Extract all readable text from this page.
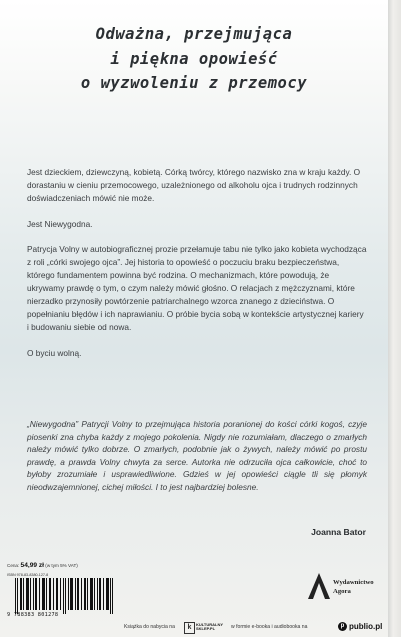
Odważna, przejmująca
i piękna opowieść
o wyzwoleniu z przemocy

Jest dzieckiem, dziewczyną, kobietą. Córką twórcy, którego nazwisko zna w kraju każdy. O dorastaniu w cieniu przemocowego, uzależnionego od alkoholu ojca i trudnych rodzinnych doświadczeniach mówić nie może.

Jest Niewygodna.

Patrycja Volny w autobiograficznej prozie przełamuje tabu nie tylko jako kobieta wychodząca z roli „córki swojego ojca”. Jej historia to opowieść o poczuciu braku bezpieczeństwa, którego fundamentem powinna być rodzina. O mechanizmach, które powodują, że ukrywamy prawdę o tym, o czym należy mówić głośno. O relacjach z mężczyznami, które nierzadko przynosiły powtórzenie patriarchalnego wzorca znanego z dzieciństwa. O popełnianiu błędów i ich naprawianiu. O próbie bycia sobą w kontekście artystycznej kariery i budowaniu siebie od nowa.

O byciu wolną.

„Niewygodna” Patrycji Volny to przejmująca historia poranionej do kości córki kogoś, czyje piosenki zna chyba każdy z mojego pokolenia. Nigdy nie rozumiałam, dlaczego o zmarłych należy mówić tylko dobrze. O zmarłych, podobnie jak o żywych, należy mówić po prostu prawdę, a prawda Volny chwyta za serce. Autorka nie odrzuciła ojca całkowicie, choć to byłoby zrozumiałe i usprawiedliwione. Gdzieś w jej opowieści ciągle tli się płomyk nieodwzajemnionej, cichej miłości. I to jest najbardziej bolesne.
Joanna Bator
Cena: 54,99 zł (w tym 5% VAT)
ISBN 978-83-8380-127-8
9 788383 801278
Wydawnictwo
Agora
Książka do nabycia na	k	KULTURALNY
SKLEP.PL	w formie e-booka i audiobooka na	p publio.pl
